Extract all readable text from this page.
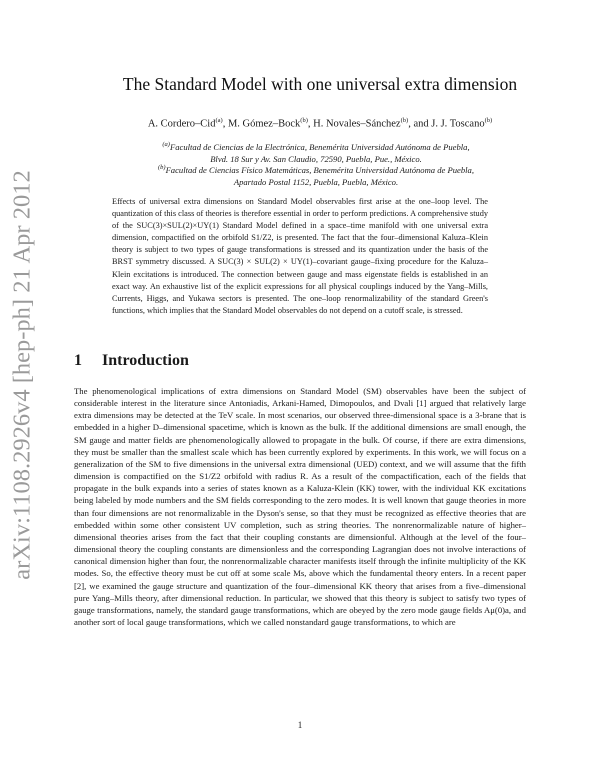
arXiv:1108.2926v4 [hep-ph] 21 Apr 2012
The Standard Model with one universal extra dimension
A. Cordero–Cid$^{(a)}$, M. Gómez–Bock$^{(b)}$, H. Novales–Sánchez$^{(b)}$, and J. J. Toscano$^{(b)}$
$^{(a)}$Facultad de Ciencias de la Electrónica, Benemérita Universidad Autónoma de Puebla,
Blvd. 18 Sur y Av. San Claudio, 72590, Puebla, Pue., México.
$^{(b)}$Facultad de Ciencias Físico Matemáticas, Benemérita Universidad Autónoma de Puebla,
Apartado Postal 1152, Puebla, Puebla, México.
Effects of universal extra dimensions on Standard Model observables first arise at the one–loop level. The quantization of this class of theories is therefore essential in order to perform predictions. A comprehensive study of the SUC(3)×SUL(2)×UY(1) Standard Model defined in a space–time manifold with one universal extra dimension, compactified on the orbifold S1/Z2, is presented. The fact that the four–dimensional Kaluza–Klein theory is subject to two types of gauge transformations is stressed and its quantization under the basis of the BRST symmetry discussed. A SUC(3) × SUL(2) × UY(1)–covariant gauge–fixing procedure for the Kaluza–Klein excitations is introduced. The connection between gauge and mass eigenstate fields is established in an exact way. An exhaustive list of the explicit expressions for all physical couplings induced by the Yang–Mills, Currents, Higgs, and Yukawa sectors is presented. The one–loop renormalizability of the standard Green's functions, which implies that the Standard Model observables do not depend on a cutoff scale, is stressed.
1 Introduction
The phenomenological implications of extra dimensions on Standard Model (SM) observables have been the subject of considerable interest in the literature since Antoniadis, Arkani-Hamed, Dimopoulos, and Dvali [1] argued that relatively large extra dimensions may be detected at the TeV scale. In most scenarios, our observed three-dimensional space is a 3-brane that is embedded in a higher D–dimensional spacetime, which is known as the bulk. If the additional dimensions are small enough, the SM gauge and matter fields are phenomenologically allowed to propagate in the bulk. Of course, if there are extra dimensions, they must be smaller than the smallest scale which has been currently explored by experiments. In this work, we will focus on a generalization of the SM to five dimensions in the universal extra dimensional (UED) context, and we will assume that the fifth dimension is compactified on the S1/Z2 orbifold with radius R. As a result of the compactification, each of the fields that propagate in the bulk expands into a series of states known as a Kaluza-Klein (KK) tower, with the individual KK excitations being labeled by mode numbers and the SM fields corresponding to the zero modes. It is well known that gauge theories in more than four dimensions are not renormalizable in the Dyson's sense, so that they must be recognized as effective theories that are embedded within some other consistent UV completion, such as string theories. The nonrenormalizable nature of higher–dimensional theories arises from the fact that their coupling constants are dimensionful. Although at the level of the four–dimensional theory the coupling constants are dimensionless and the corresponding Lagrangian does not involve interactions of canonical dimension higher than four, the nonrenormalizable character manifests itself through the infinite multiplicity of the KK modes. So, the effective theory must be cut off at some scale Ms, above which the fundamental theory enters. In a recent paper [2], we examined the gauge structure and quantization of the four–dimensional KK theory that arises from a five–dimensional pure Yang–Mills theory, after dimensional reduction. In particular, we showed that this theory is subject to satisfy two types of gauge transformations, namely, the standard gauge transformations, which are obeyed by the zero mode gauge fields Aμ(0)a, and another sort of local gauge transformations, which we called nonstandard gauge transformations, to which are
1
